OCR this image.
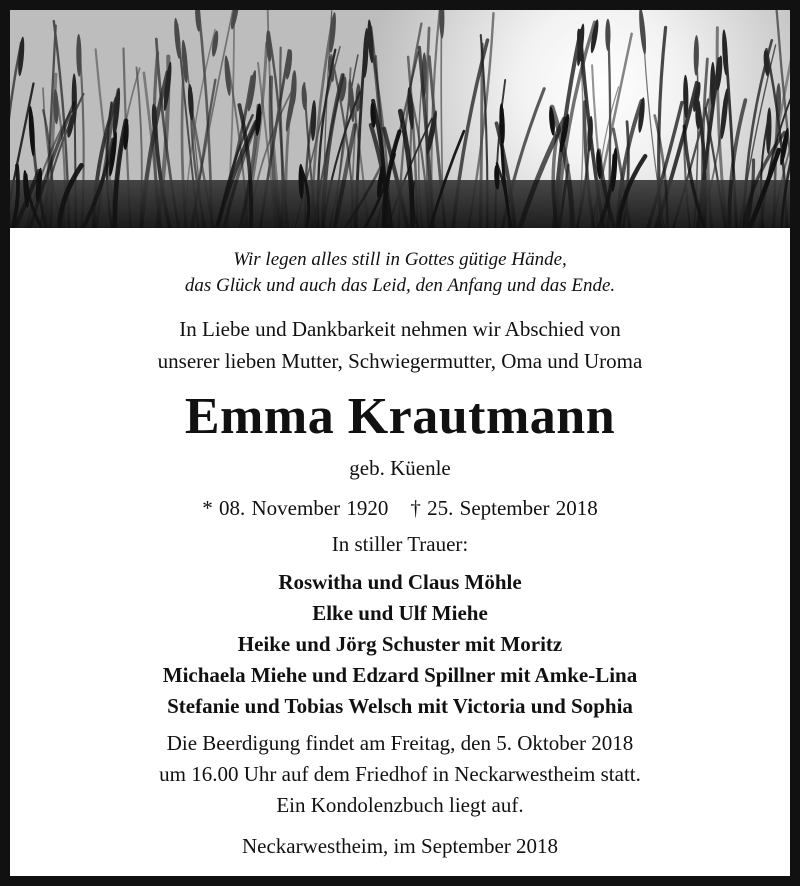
Wir legen alles still in Gottes gütige Hände,

das Glück und auch das Leid, den Anfang und das Ende.

In Liebe und Dankbarkeit nehmen wir Abschied von

unserer lieben Mutter, Schwiegermutter, Oma und Uroma

Emma Krautmann

geb. Küenle

* 08. November 1920 † 25. September 2018

In stiller Trauer:

Roswitha und Claus Möhle

Elke und Ulf Miehe

Heike und Jörg Schuster mit Moritz

Michaela Miehe und Edzard Spillner mit Amke-Lina

Stefanie und Tobias Welsch mit Victoria und Sophia

Die Beerdigung findet am Freitag, den 5. Oktober 2018

um 16.00 Uhr auf dem Friedhof in Neckarwestheim statt.

Ein Kondolenzbuch liegt auf.

Neckarwestheim, im September 2018
